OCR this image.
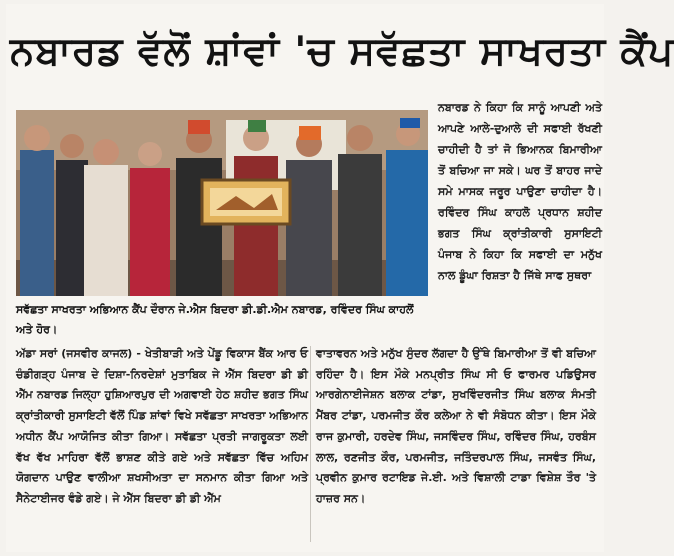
ਨਬਾਰਡ ਵੱਲੋਂ ਸ਼ਾਂਵਾਂ 'ਚ ਸਵੱਛਤਾ ਸਾਖਰਤਾ ਕੈਂਪ
ਨਬਾਰਡ ਨੇ ਕਿਹਾ ਕਿ ਸਾਨੂੰ ਆਪਣੀ ਅਤੇ ਆਪਣੇ ਆਲੇ-ਦੁਆਲੇ ਦੀ ਸਫਾਈ ਰੱਖਣੀ ਚਾਹੀਦੀ ਹੈ ਤਾਂ ਜੋ ਭਿਆਨਕ ਬਿਮਾਰੀਆ ਤੋਂ ਬਚਿਆ ਜਾ ਸਕੇ। ਘਰ ਤੋਂ ਬਾਹਰ ਜਾਦੇ ਸਮੇ ਮਾਸਕ ਜਰੂਰ ਪਾਉਣਾ ਚਾਹੀਦਾ ਹੈ। ਰਵਿੰਦਰ ਸਿੰਘ ਕਾਹਲੋ ਪ੍ਰਧਾਨ ਸ਼ਹੀਦ ਭਗਤ ਸਿੰਘ ਕ੍ਰਾਂਤੀਕਾਰੀ ਸੁਸਾਇਟੀ ਪੰਜਾਬ ਨੇ ਕਿਹਾ ਕਿ ਸਫਾਈ ਦਾ ਮਨੁੱਖ ਨਾਲ ਡੂੰਘਾ ਰਿਸ਼ਤਾ ਹੈ ਜਿੱਥੇ ਸਾਫ ਸੁਥਰਾ
ਸਵੱਛਤਾ ਸਾਖਰਤਾ ਅਭਿਆਨ ਕੈਂਪ ਦੌਰਾਨ ਜੇ.ਐਸ ਬਿਦਰਾ ਡੀ.ਡੀ.ਐਮ ਨਬਾਰਡ, ਰਵਿੰਦਰ ਸਿੰਘ ਕਾਹਲੋਂ ਅਤੇ ਹੋਰ।
ਅੱਡਾ ਸਰਾਂ (ਜਸਵੀਰ ਕਾਜਲ) - ਖੇਤੀਬਾੜੀ ਅਤੇ ਪੇਂਡੂ ਵਿਕਾਸ ਬੈਂਕ ਆਰ ਓ ਚੰਡੀਗੜ੍ਹ ਪੰਜਾਬ ਦੇ ਦਿਸ਼ਾ-ਨਿਰਦੇਸ਼ਾਂ ਮੁਤਾਬਿਕ ਜੇ ਐੱਸ ਬਿਦਰਾ ਡੀ ਡੀ ਐੱਮ ਨਬਾਰਡ ਜਿਲ੍ਹਾ ਹੁਸ਼ਿਆਰਪੁਰ ਦੀ ਅਗਵਾਈ ਹੇਠ ਸ਼ਹੀਦ ਭਗਤ ਸਿੰਘ ਕ੍ਰਾਂਤੀਕਾਰੀ ਸੁਸਾਇਟੀ ਵੱਲੋਂ ਪਿੰਡ ਸ਼ਾਂਵਾਂ ਵਿਖੇ ਸਵੱਛਤਾ ਸਾਖਰਤਾ ਅਭਿਆਨ ਅਧੀਨ ਕੈਂਪ ਆਯੋਜਿਤ ਕੀਤਾ ਗਿਆ। ਸਵੱਛਤਾ ਪ੍ਰਤੀ ਜਾਗਰੂਕਤਾ ਲਈ ਵੱਖ ਵੱਖ ਮਾਹਿਰਾ ਵੱਲੋਂ ਭਾਸ਼ਣ ਕੀਤੇ ਗਏ ਅਤੇ ਸਵੱਛਤਾ ਵਿੱਚ ਅਹਿਮ ਯੋਗਦਾਨ ਪਾਉਣ ਵਾਲੀਆ ਸ਼ਖਸੀਅਤਾ ਦਾ ਸਨਮਾਨ ਕੀਤਾ ਗਿਆ ਅਤੇ ਸੈਨੇਟਾਈਜਰ ਵੰਡੇ ਗਏ। ਜੇ ਐੱਸ ਬਿਦਰਾ ਡੀ ਡੀ ਐੱਮ
ਵਾਤਾਵਰਨ ਅਤੇ ਮਨੁੱਖ ਸੁੰਦਰ ਲੱਗਦਾ ਹੈ ਉੱਥੇ ਬਿਮਾਰੀਆ ਤੋਂ ਵੀ ਬਚਿਆ ਰਹਿੰਦਾ ਹੈ। ਇਸ ਮੌਕੇ ਮਨਪ੍ਰੀਤ ਸਿੰਘ ਸੀ ਓ ਫਾਰਮਰ ਪਡਿਉਸਰ ਆਰਗੇਨਾਈਜੇਸ਼ਨ ਬਲਾਕ ਟਾਂਡਾ, ਸੁਖਵਿੰਦਰਜੀਤ ਸਿੰਘ ਬਲਾਕ ਸੰਮਤੀ ਮੈਂਬਰ ਟਾਂਡਾ, ਪਰਮਜੀਤ ਕੌਰ ਕਲੇਆ ਨੇ ਵੀ ਸੰਬੋਧਨ ਕੀਤਾ। ਇਸ ਮੌਕੇ ਰਾਜ ਕੁਮਾਰੀ, ਹਰਦੇਵ ਸਿੰਘ, ਜਸਵਿੰਦਰ ਸਿੰਘ, ਰਵਿੰਦਰ ਸਿੰਘ, ਹਰਬੰਸ ਲਾਲ, ਰਣਜੀਤ ਕੌਰ, ਪਰਮਜੀਤ, ਜਤਿੰਦਰਪਾਲ ਸਿੰਘ, ਜਸਵੰਤ ਸਿੰਘ, ਪ੍ਰਵੀਨ ਕੁਮਾਰ ਰਟਾਇਡ ਜੇ.ਈ. ਅਤੇ ਵਿਸ਼ਾਲੀ ਟਾਡਾ ਵਿਸ਼ੇਸ਼ ਤੌਰ 'ਤੇ ਹਾਜ਼ਰ ਸਨ।
